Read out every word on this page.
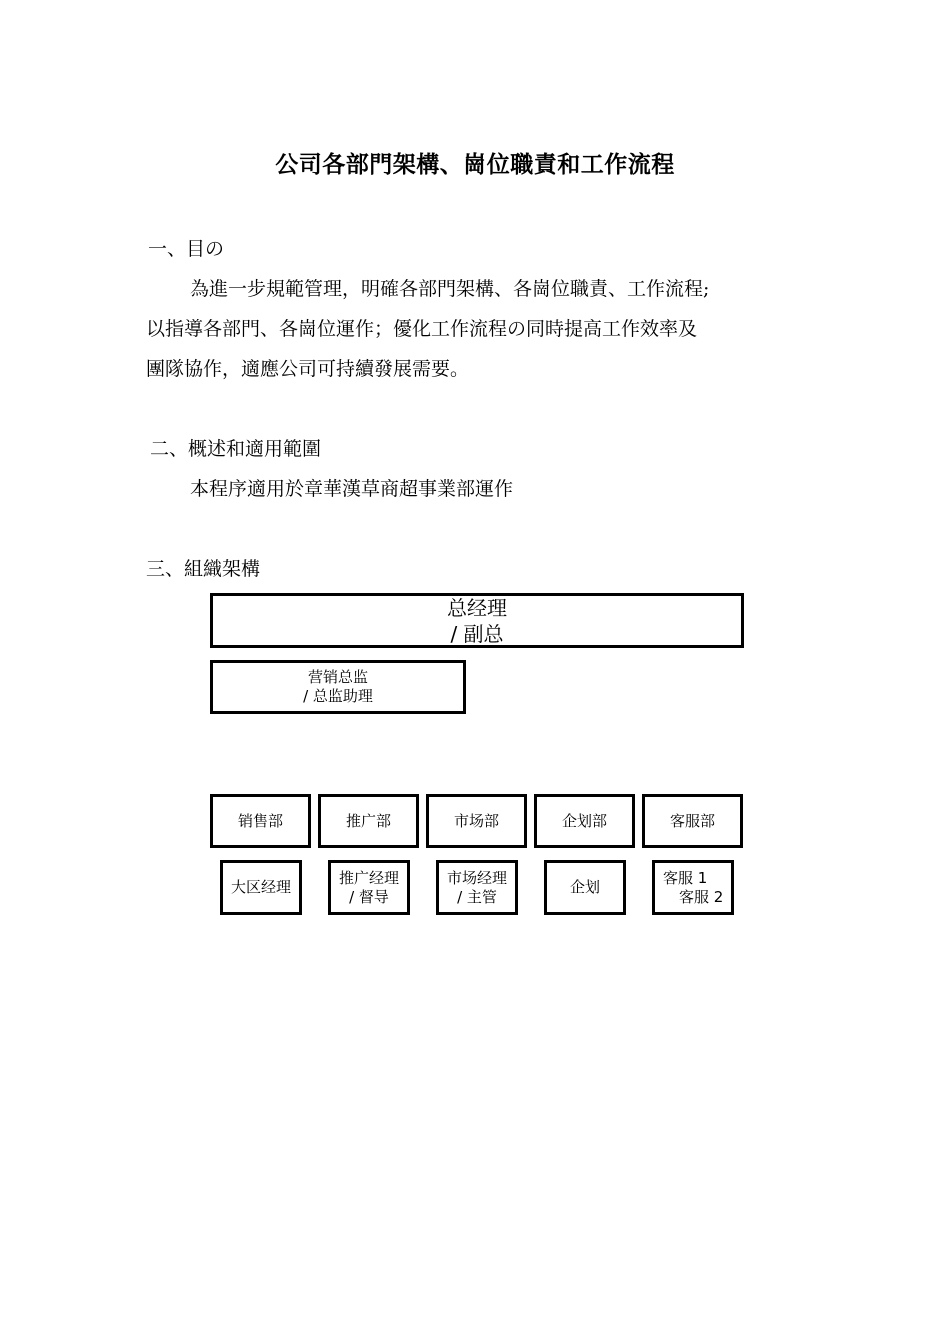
公司各部門架構、崗位職責和工作流程
一、目の
為進一步規範管理，明確各部門架構、各崗位職責、工作流程;
以指導各部門、各崗位運作；優化工作流程の同時提高工作效率及
團隊協作，適應公司可持續發展需要。
二、概述和適用範圍
本程序適用於章華漢草商超事業部運作
三、組織架構
总经理
/ 副总
营销总监
/ 总监助理
销售部	推广部	市场部	企划部	客服部
大区经理
推广经理
/ 督导
市场经理
/ 主管
企划
客服 1
客服 2
